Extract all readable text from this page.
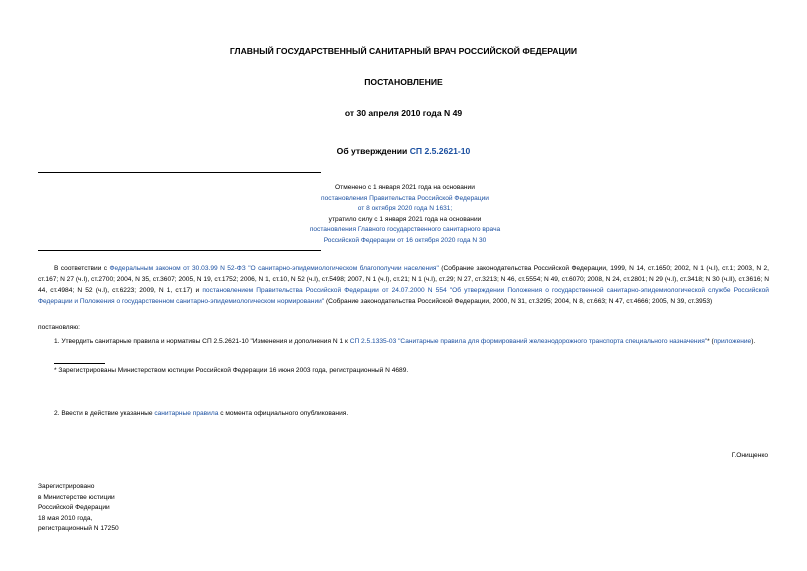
ГЛАВНЫЙ ГОСУДАРСТВЕННЫЙ САНИТАРНЫЙ ВРАЧ РОССИЙСКОЙ ФЕДЕРАЦИИ
ПОСТАНОВЛЕНИЕ
от 30 апреля 2010 года N 49
Об утверждении СП 2.5.2621-10
Отменено с 1 января 2021 года на основании
постановления Правительства Российской Федерации
от 8 октября 2020 года N 1631;
утратило силу с 1 января 2021 года на основании
постановления Главного государственного санитарного врача
Российской Федерации от 16 октября 2020 года N 30
В соответствии с Федеральным законом от 30.03.99 N 52-ФЗ "О санитарно-эпидемиологическом благополучии населения" (Собрание законодательства Российской Федерации, 1999, N 14, ст.1650; 2002, N 1 (ч.I), ст.1; 2003, N 2, ст.167; N 27 (ч.I), ст.2700; 2004, N 35, ст.3607; 2005, N 19, ст.1752; 2006, N 1, ст.10, N 52 (ч.I), ст.5498; 2007, N 1 (ч.I), ст.21; N 1 (ч.I), ст.29; N 27, ст.3213; N 46, ст.5554; N 49, ст.6070; 2008, N 24, ст.2801; N 29 (ч.I), ст.3418; N 30 (ч.II), ст.3616; N 44, ст.4984; N 52 (ч.I), ст.6223; 2009, N 1, ст.17) и постановлением Правительства Российской Федерации от 24.07.2000 N 554 "Об утверждении Положения о государственной санитарно-эпидемиологической службе Российской Федерации и Положения о государственном санитарно-эпидемиологическом нормировании" (Собрание законодательства Российской Федерации, 2000, N 31, ст.3295; 2004, N 8, ст.663; N 47, ст.4666; 2005, N 39, ст.3953)
постановляю:
1. Утвердить санитарные правила и нормативы СП 2.5.2621-10 "Изменения и дополнения N 1 к СП 2.5.1335-03 "Санитарные правила для формирований железнодорожного транспорта специального назначения"* (приложение).
* Зарегистрированы Министерством юстиции Российской Федерации 16 июня 2003 года, регистрационный N 4689.
2. Ввести в действие указанные санитарные правила с момента официального опубликования.
Г.Онищенко
Зарегистрировано
в Министерстве юстиции
Российской Федерации
18 мая 2010 года,
регистрационный N 17250
